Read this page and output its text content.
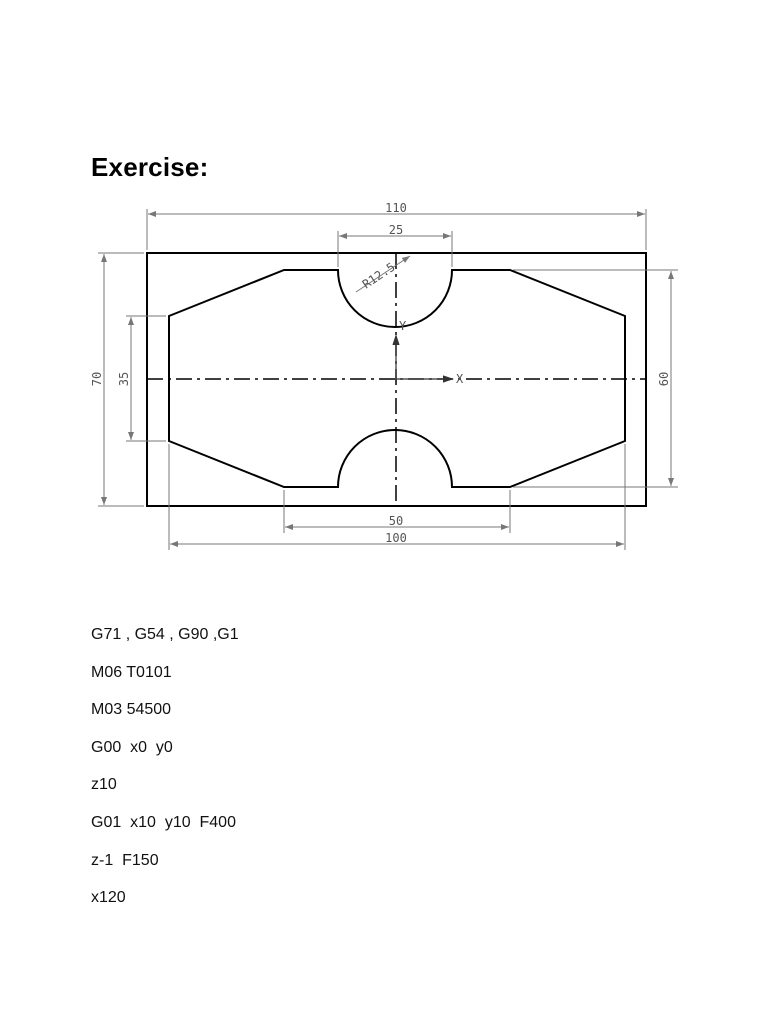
Exercise:
Y
X
110
25
R12.5
70 35	60
50
100
G71 , G54 , G90 ,G1
M06 T0101
M03 54500
G00  x0  y0
z10
G01  x10  y10  F400
z-1  F150
x120
